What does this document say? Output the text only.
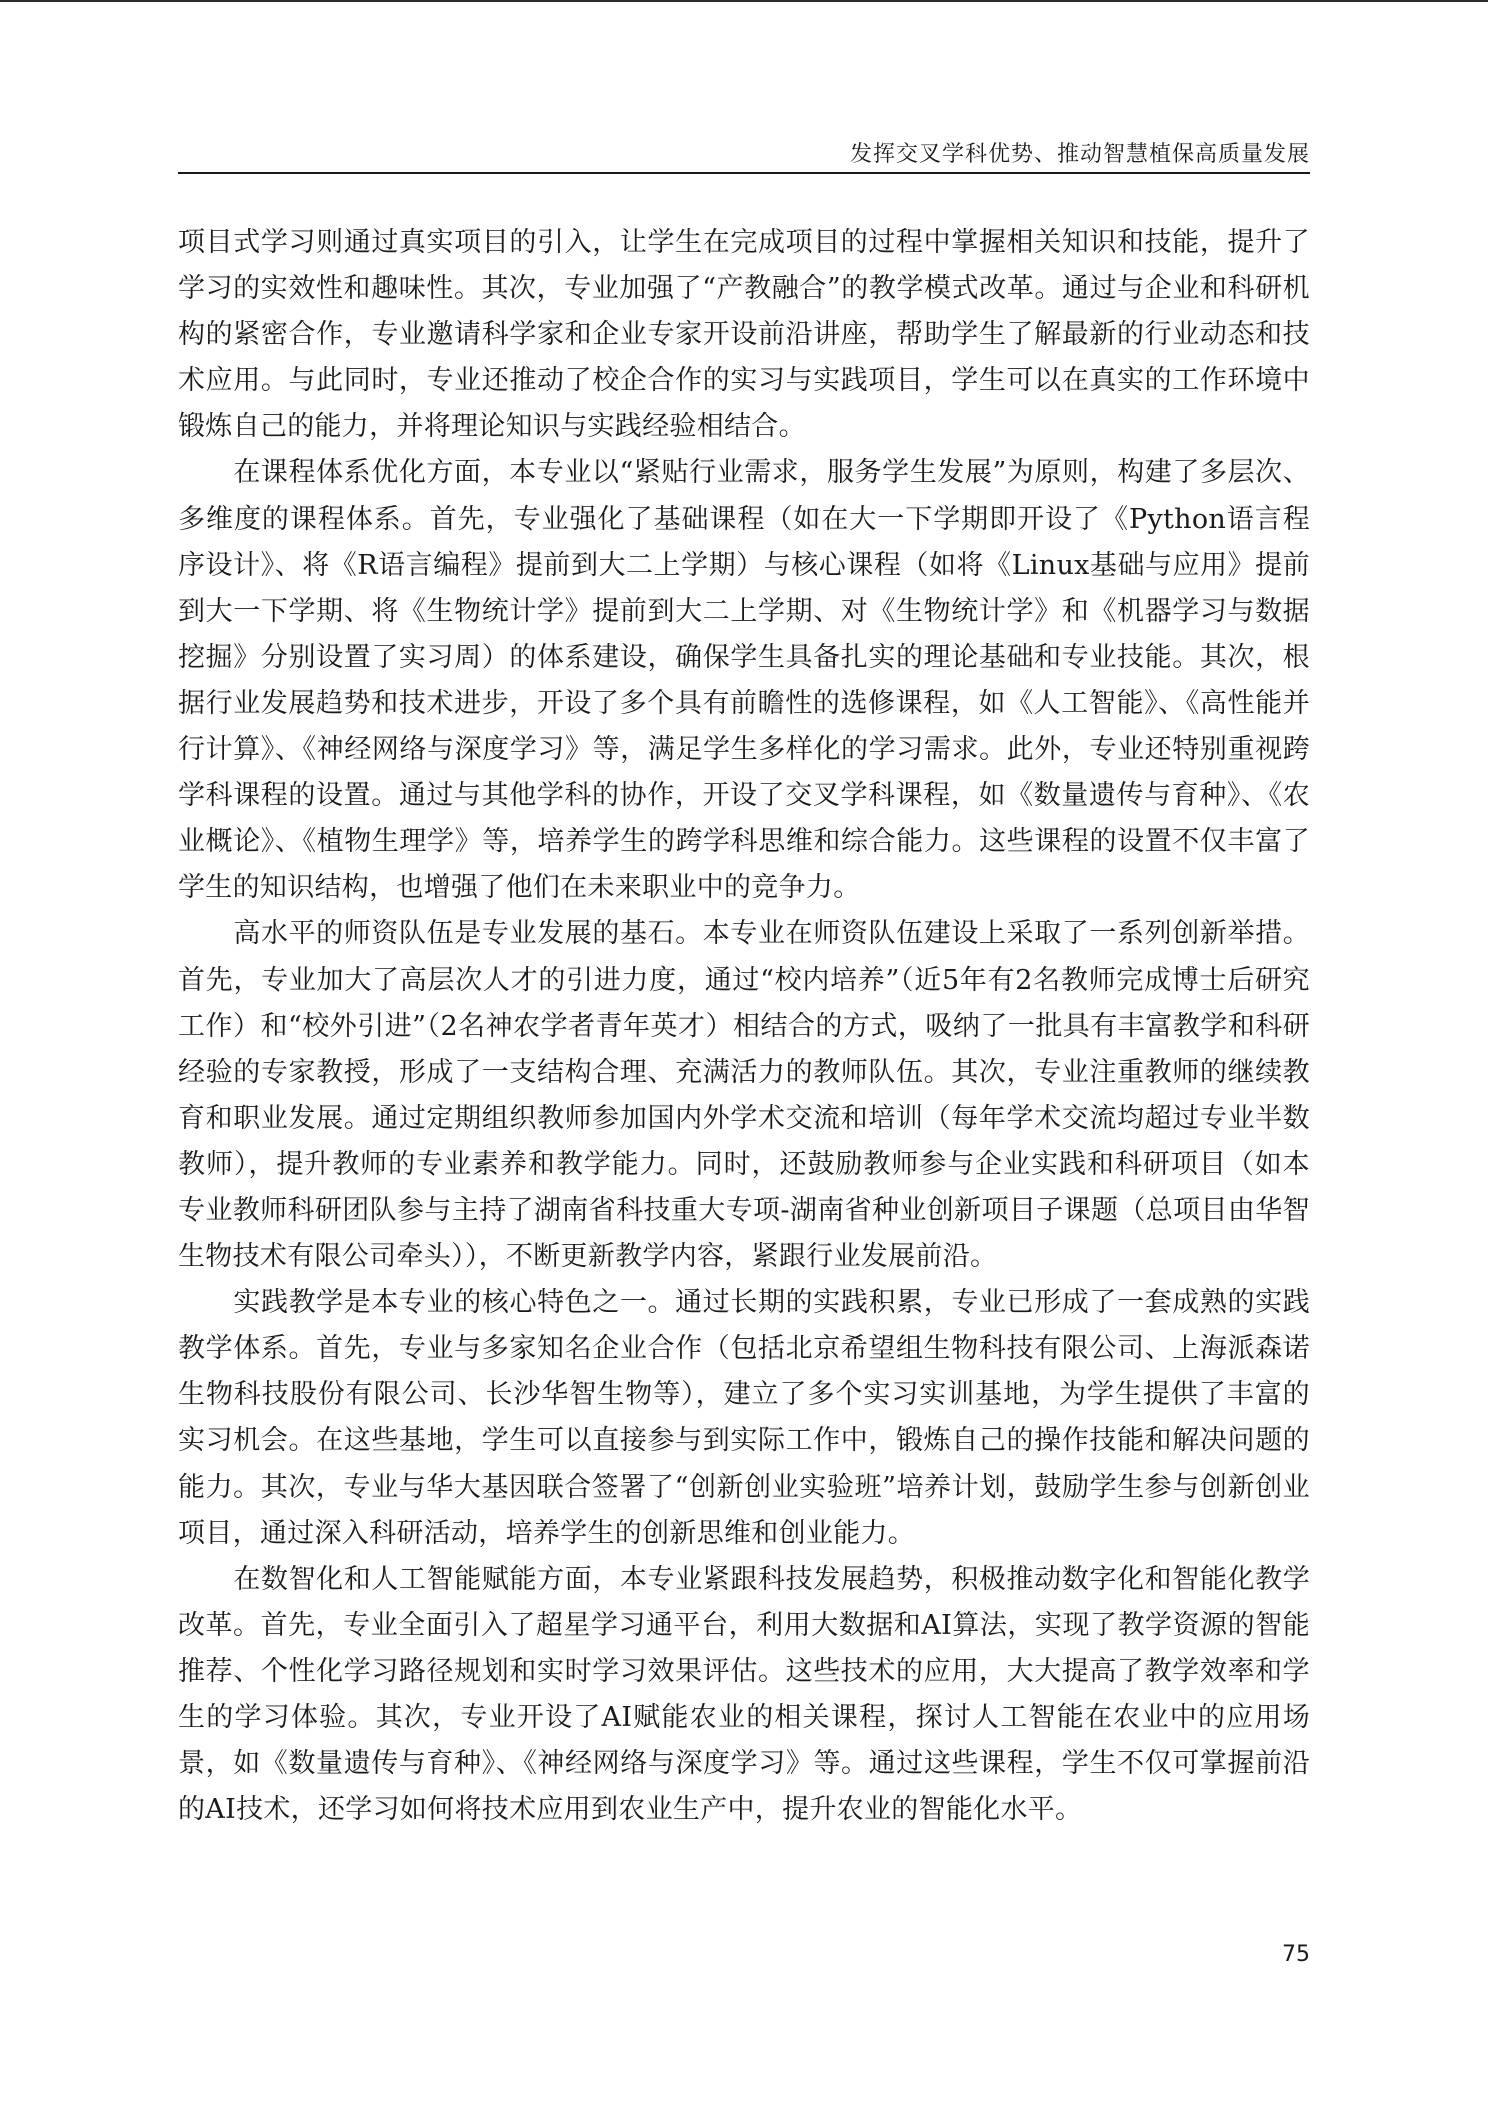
发挥交叉学科优势、推动智慧植保高质量发展

项目式学习则通过真实项目的引入，让学生在完成项目的过程中掌握相关知识和技能，提升了学习的实效性和趣味性。其次，专业加强了“产教融合”的教学模式改革。通过与企业和科研机构的紧密合作，专业邀请科学家和企业专家开设前沿讲座，帮助学生了解最新的行业动态和技术应用。与此同时，专业还推动了校企合作的实习与实践项目，学生可以在真实的工作环境中锻炼自己的能力，并将理论知识与实践经验相结合。

在课程体系优化方面，本专业以“紧贴行业需求，服务学生发展”为原则，构建了多层次、多维度的课程体系。首先，专业强化了基础课程（如在大一下学期即开设了《Python语言程序设计》、将《R语言编程》提前到大二上学期）与核心课程（如将《Linux基础与应用》提前到大一下学期、将《生物统计学》提前到大二上学期、对《生物统计学》和《机器学习与数据挖掘》分别设置了实习周）的体系建设，确保学生具备扎实的理论基础和专业技能。其次，根据行业发展趋势和技术进步，开设了多个具有前瞻性的选修课程，如《人工智能》、《高性能并行计算》、《神经网络与深度学习》等，满足学生多样化的学习需求。此外，专业还特别重视跨学科课程的设置。通过与其他学科的协作，开设了交叉学科课程，如《数量遗传与育种》、《农业概论》、《植物生理学》等，培养学生的跨学科思维和综合能力。这些课程的设置不仅丰富了学生的知识结构，也增强了他们在未来职业中的竞争力。

高水平的师资队伍是专业发展的基石。本专业在师资队伍建设上采取了一系列创新举措。首先，专业加大了高层次人才的引进力度，通过“校内培养”（近5年有2名教师完成博士后研究工作）和“校外引进”（2名神农学者青年英才）相结合的方式，吸纳了一批具有丰富教学和科研经验的专家教授，形成了一支结构合理、充满活力的教师队伍。其次，专业注重教师的继续教育和职业发展。通过定期组织教师参加国内外学术交流和培训（每年学术交流均超过专业半数教师），提升教师的专业素养和教学能力。同时，还鼓励教师参与企业实践和科研项目（如本专业教师科研团队参与主持了湖南省科技重大专项-湖南省种业创新项目子课题（总项目由华智生物技术有限公司牵头）），不断更新教学内容，紧跟行业发展前沿。

实践教学是本专业的核心特色之一。通过长期的实践积累，专业已形成了一套成熟的实践教学体系。首先，专业与多家知名企业合作（包括北京希望组生物科技有限公司、上海派森诺生物科技股份有限公司、长沙华智生物等），建立了多个实习实训基地，为学生提供了丰富的实习机会。在这些基地，学生可以直接参与到实际工作中，锻炼自己的操作技能和解决问题的能力。其次，专业与华大基因联合签署了“创新创业实验班”培养计划，鼓励学生参与创新创业项目，通过深入科研活动，培养学生的创新思维和创业能力。

在数智化和人工智能赋能方面，本专业紧跟科技发展趋势，积极推动数字化和智能化教学改革。首先，专业全面引入了超星学习通平台，利用大数据和AI算法，实现了教学资源的智能推荐、个性化学习路径规划和实时学习效果评估。这些技术的应用，大大提高了教学效率和学生的学习体验。其次，专业开设了AI赋能农业的相关课程，探讨人工智能在农业中的应用场景，如《数量遗传与育种》、《神经网络与深度学习》等。通过这些课程，学生不仅可掌握前沿的AI技术，还学习如何将技术应用到农业生产中，提升农业的智能化水平。

75
